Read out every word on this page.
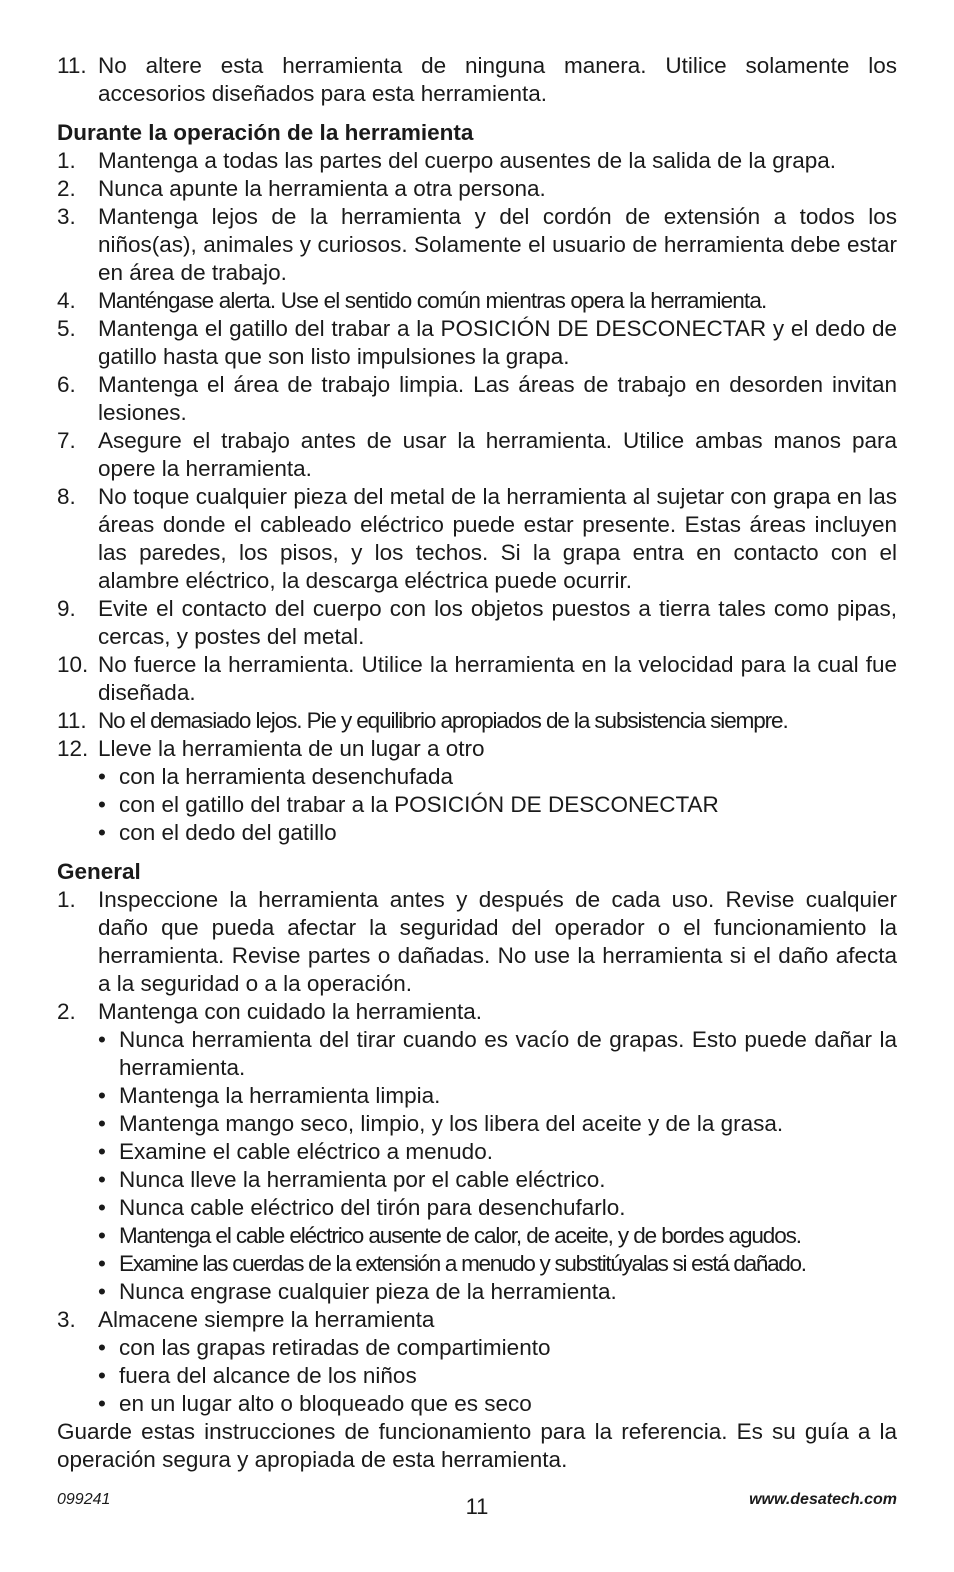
11. No altere esta herramienta de ninguna manera. Utilice solamente los accesorios diseñados para esta herramienta.
Durante la operación de la herramienta
1. Mantenga a todas las partes del cuerpo ausentes de la salida de la grapa.
2. Nunca apunte la herramienta a otra persona.
3. Mantenga lejos de la herramienta y del cordón de extensión a todos los niños(as), animales y curiosos. Solamente el usuario de herramienta debe estar en área de trabajo.
4. Manténgase alerta. Use el sentido común mientras opera la herramienta.
5. Mantenga el gatillo del trabar a la POSICIÓN DE DESCONECTAR y el dedo de gatillo hasta que son listo impulsiones la grapa.
6. Mantenga el área de trabajo limpia. Las áreas de trabajo en desorden invitan lesiones.
7. Asegure el trabajo antes de usar la herramienta. Utilice ambas manos para opere la herramienta.
8. No toque cualquier pieza del metal de la herramienta al sujetar con grapa en las áreas donde el cableado eléctrico puede estar presente. Estas áreas incluyen las paredes, los pisos, y los techos. Si la grapa entra en contacto con el alambre eléctrico, la descarga eléctrica puede ocurrir.
9. Evite el contacto del cuerpo con los objetos puestos a tierra tales como pipas, cercas, y postes del metal.
10. No fuerce la herramienta. Utilice la herramienta en la velocidad para la cual fue diseñada.
11. No el demasiado lejos. Pie y equilibrio apropiados de la subsistencia siempre.
12. Lleve la herramienta de un lugar a otro
• con la herramienta desenchufada
• con el gatillo del trabar a la POSICIÓN DE DESCONECTAR
• con el dedo del gatillo
General
1. Inspeccione la herramienta antes y después de cada uso. Revise cualquier daño que pueda afectar la seguridad del operador o el funcionamiento la herramienta. Revise partes o dañadas. No use la herramienta si el daño afecta a la seguridad o a la operación.
2. Mantenga con cuidado la herramienta.
• Nunca herramienta del tirar cuando es vacío de grapas. Esto puede dañar la herramienta.
• Mantenga la herramienta limpia.
• Mantenga mango seco, limpio, y los libera del aceite y de la grasa.
• Examine el cable eléctrico a menudo.
• Nunca lleve la herramienta por el cable eléctrico.
• Nunca cable eléctrico del tirón para desenchufarlo.
• Mantenga el cable eléctrico ausente de calor, de aceite, y de bordes agudos.
• Examine las cuerdas de la extensión a menudo y substitúyalas si está dañado.
• Nunca engrase cualquier pieza de la herramienta.
3. Almacene siempre la herramienta
• con las grapas retiradas de compartimiento
• fuera del alcance de los niños
• en un lugar alto o bloqueado que es seco
Guarde estas instrucciones de funcionamiento para la referencia. Es su guía a la operación segura y apropiada de esta herramienta.
099241	11	www.desatech.com
